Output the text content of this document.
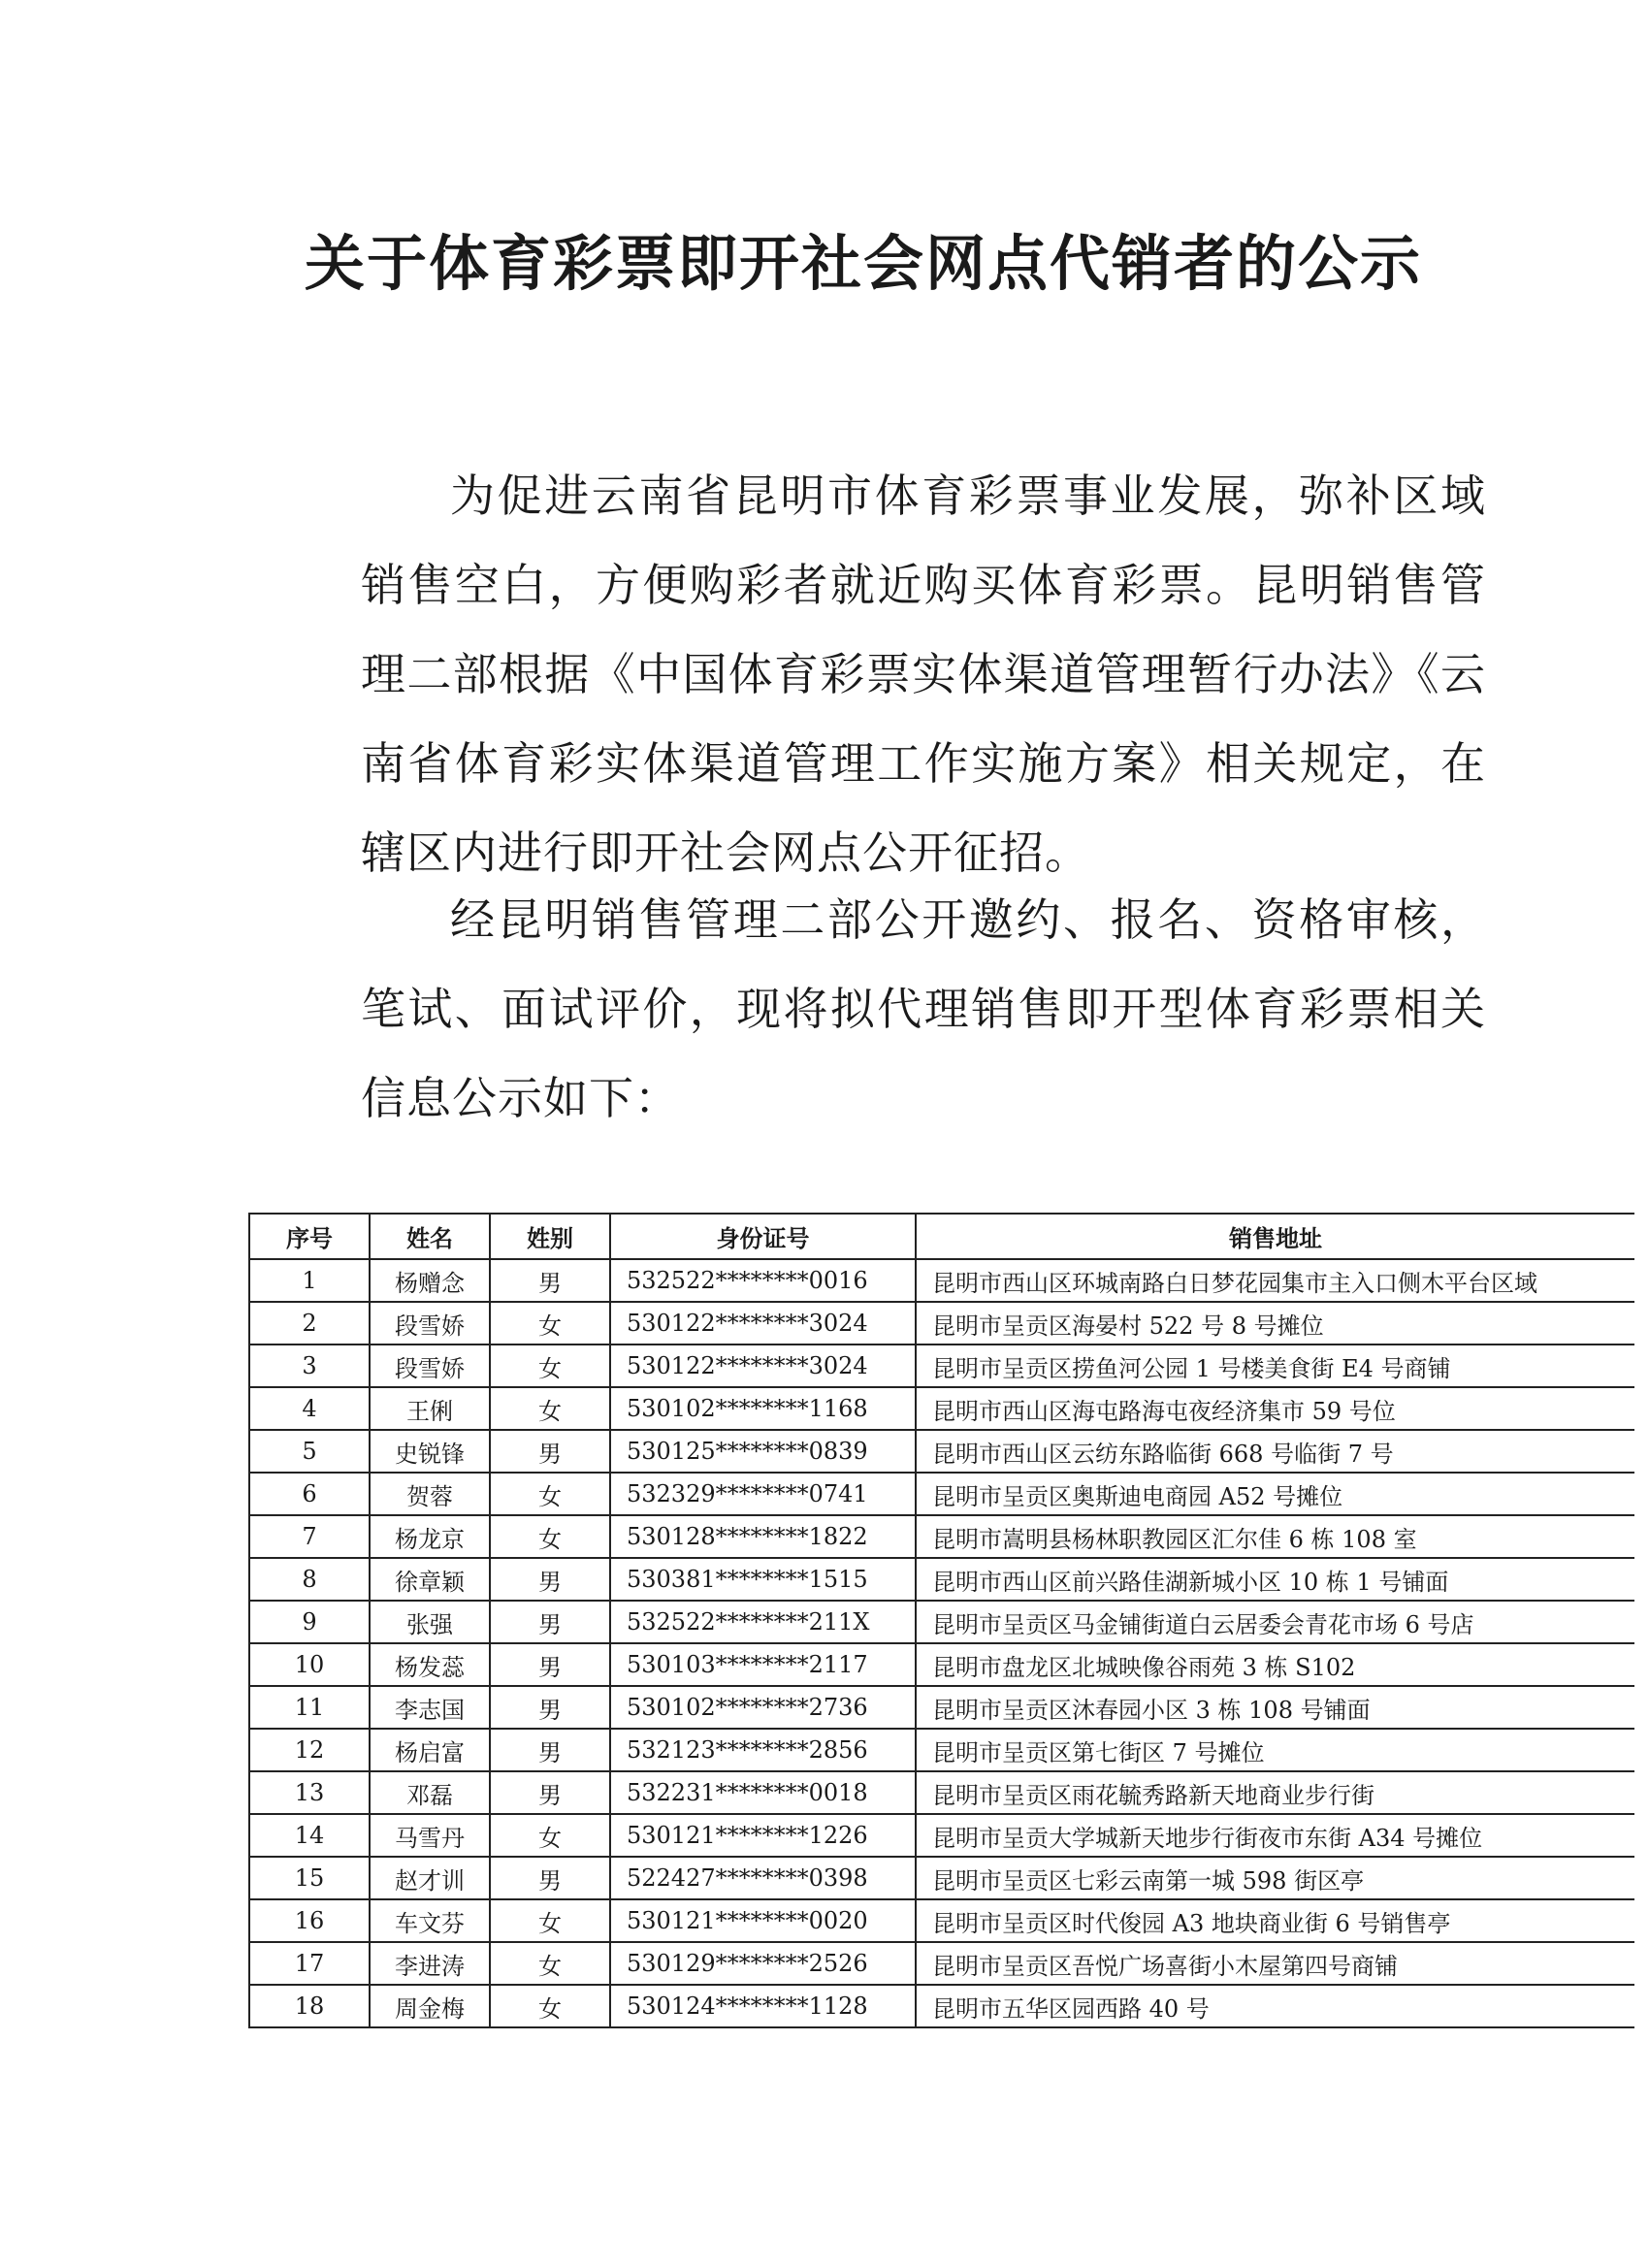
关于体育彩票即开社会网点代销者的公示
为促进云南省昆明市体育彩票事业发展，弥补区域销售空白，方便购彩者就近购买体育彩票。昆明销售管理二部根据《中国体育彩票实体渠道管理暂行办法》《云南省体育彩实体渠道管理工作实施方案》相关规定，在辖区内进行即开社会网点公开征招。
经昆明销售管理二部公开邀约、报名、资格审核，笔试、面试评价，现将拟代理销售即开型体育彩票相关信息公示如下：
序号	姓名	姓别	身份证号	销售地址
1	杨赠念	男	532522********0016	昆明市西山区环城南路白日梦花园集市主入口侧木平台区域
2	段雪娇	女	530122********3024	昆明市呈贡区海晏村 522 号 8 号摊位
3	段雪娇	女	530122********3024	昆明市呈贡区捞鱼河公园 1 号楼美食街 E4 号商铺
4	王俐	女	530102********1168	昆明市西山区海屯路海屯夜经济集市 59 号位
5	史锐锋	男	530125********0839	昆明市西山区云纺东路临街 668 号临街 7 号
6	贺蓉	女	532329********0741	昆明市呈贡区奥斯迪电商园 A52 号摊位
7	杨龙京	女	530128********1822	昆明市嵩明县杨林职教园区汇尔佳 6 栋 108 室
8	徐章颖	男	530381********1515	昆明市西山区前兴路佳湖新城小区 10 栋 1 号铺面
9	张强	男	532522********211X	昆明市呈贡区马金铺街道白云居委会青花市场 6 号店
10	杨发蕊	男	530103********2117	昆明市盘龙区北城映像谷雨苑 3 栋 S102
11	李志国	男	530102********2736	昆明市呈贡区沐春园小区 3 栋 108 号铺面
12	杨启富	男	532123********2856	昆明市呈贡区第七街区 7 号摊位
13	邓磊	男	532231********0018	昆明市呈贡区雨花毓秀路新天地商业步行街
14	马雪丹	女	530121********1226	昆明市呈贡大学城新天地步行街夜市东街 A34 号摊位
15	赵才训	男	522427********0398	昆明市呈贡区七彩云南第一城 598 街区亭
16	车文芬	女	530121********0020	昆明市呈贡区时代俊园 A3 地块商业街 6 号销售亭
17	李进涛	女	530129********2526	昆明市呈贡区吾悦广场喜街小木屋第四号商铺
18	周金梅	女	530124********1128	昆明市五华区园西路 40 号
